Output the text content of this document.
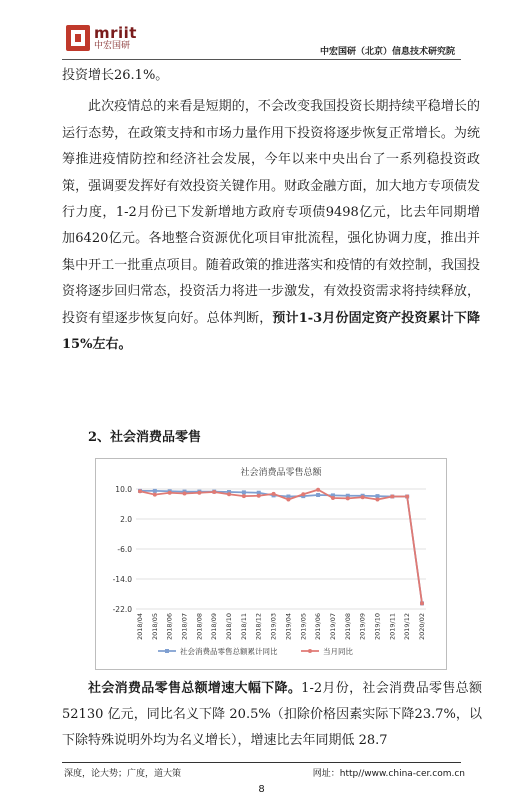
mriit
中宏国研
中宏国研（北京）信息技术研究院

投资增长26.1%。

此次疫情总的来看是短期的，不会改变我国投资长期持续平稳增长的运行态势，在政策支持和市场力量作用下投资将逐步恢复正常增长。为统筹推进疫情防控和经济社会发展，今年以来中央出台了一系列稳投资政策，强调要发挥好有效投资关键作用。财政金融方面，加大地方专项债发行力度，1-2月份已下发新增地方政府专项债9498亿元，比去年同期增加6420亿元。各地整合资源优化项目审批流程，强化协调力度，推出并集中开工一批重点项目。随着政策的推进落实和疫情的有效控制，我国投资将逐步回归常态，投资活力将进一步激发，有效投资需求将持续释放，投资有望逐步恢复向好。总体判断，预计1-3月份固定资产投资累计下降15%左右。

2、社会消费品零售
社会消费品零售总额
10.0
2.0
-6.0
-14.0
-22.0
2018/04 2018/05 2018/06 2018/07 2018/08 2018/09 2018/10 2018/11 2018/12 2019/03 2019/04 2019/05 2019/06 2019/07 2019/08 2019/09 2019/10 2019/11 2019/12 2020/02
社会消费品零售总额累计同比	当月同比

社会消费品零售总额增速大幅下降。1-2月份，社会消费品零售总额 52130 亿元，同比名义下降 20.5%（扣除价格因素实际下降23.7%，以下除特殊说明外均为名义增长），增速比去年同期低 28.7

深度，论大势；广度，道大策	网址：http//www.china-cer.com.cn
8
